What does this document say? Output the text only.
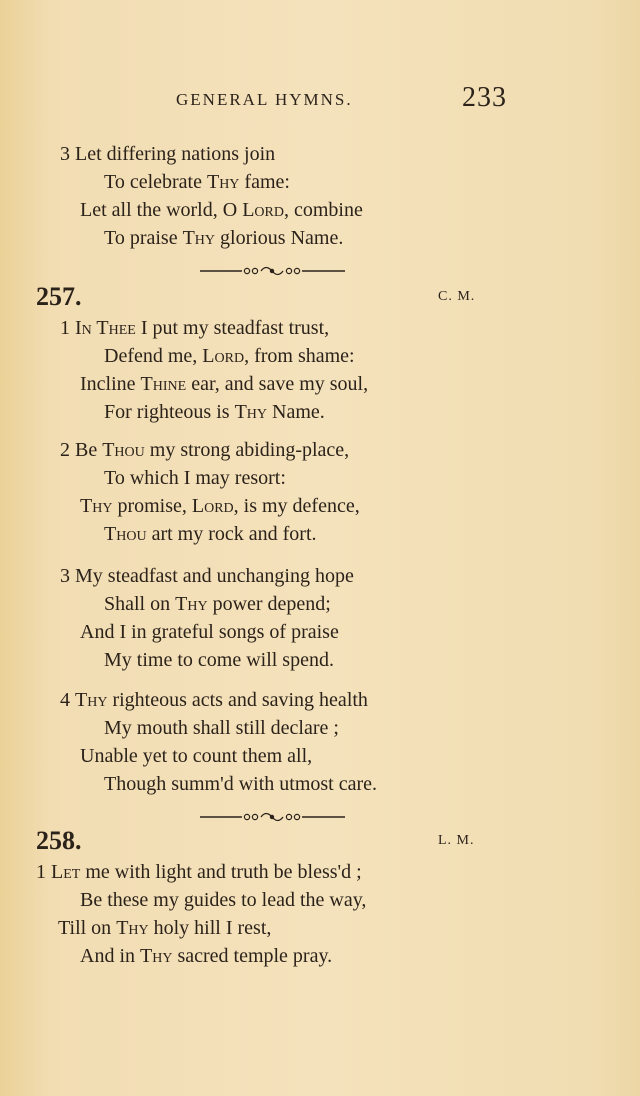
GENERAL HYMNS.	233
3 Let differing nations join
To celebrate Thy fame:
Let all the world, O Lord, combine
To praise Thy glorious Name.
257.	C. M.
1 In Thee I put my steadfast trust,
Defend me, Lord, from shame:
Incline Thine ear, and save my soul,
For righteous is Thy Name.
2 Be Thou my strong abiding-place,
To which I may resort:
Thy promise, Lord, is my defence,
Thou art my rock and fort.
3 My steadfast and unchanging hope
Shall on Thy power depend;
And I in grateful songs of praise
My time to come will spend.
4 Thy righteous acts and saving health
My mouth shall still declare ;
Unable yet to count them all,
Though summ'd with utmost care.
258.	L. M.
1 Let me with light and truth be bless'd ;
Be these my guides to lead the way,
Till on Thy holy hill I rest,
And in Thy sacred temple pray.
